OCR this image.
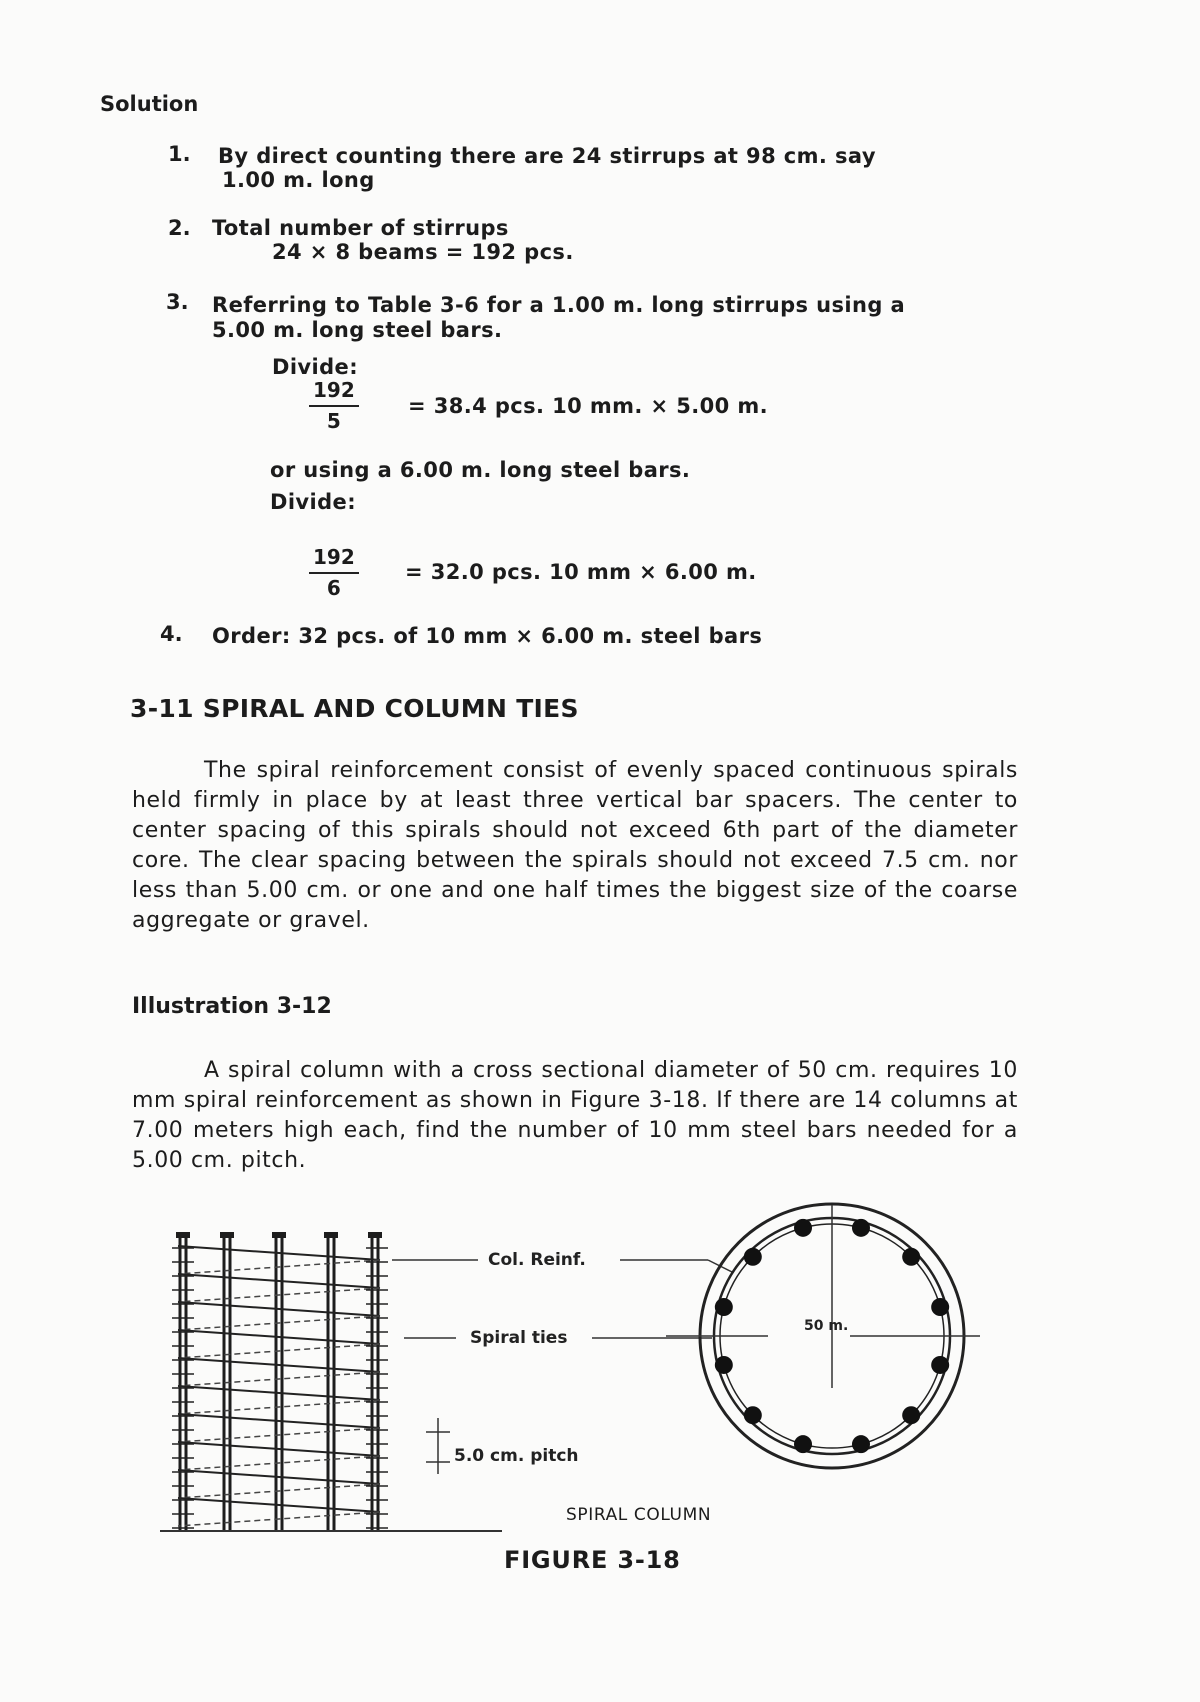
Solution
1. By direct counting there are 24 stirrups at 98 cm. say
1.00 m. long
2. Total number of stirrups
24 × 8 beams = 192 pcs.
3. Referring to Table 3-6 for a 1.00 m. long stirrups using a
5.00 m. long steel bars.
Divide:
$\frac{192}{5} = 38.4$ pcs. 10 mm. × 5.00 m.
or using a 6.00 m. long steel bars.
Divide:
$\frac{192}{6} = 32.0$ pcs. 10 mm × 6.00 m.
4. Order: 32 pcs. of 10 mm × 6.00 m. steel bars
3-11 SPIRAL AND COLUMN TIES
The spiral reinforcement consist of evenly spaced continuous spirals held firmly in place by at least three vertical bar spacers. The center to center spacing of this spirals should not exceed 6th part of the diameter core. The clear spacing between the spirals should not exceed 7.5 cm. nor less than 5.00 cm. or one and one half times the biggest size of the coarse aggregate or gravel.
Illustration 3-12
A spiral column with a cross sectional diameter of 50 cm. requires 10 mm spiral reinforcement as shown in Figure 3-18. If there are 14 columns at 7.00 meters high each, find the number of 10 mm steel bars needed for a 5.00 cm. pitch.
Col. Reinf.
Spiral ties
5.0 cm. pitch
50 m.
SPIRAL COLUMN
FIGURE 3-18
